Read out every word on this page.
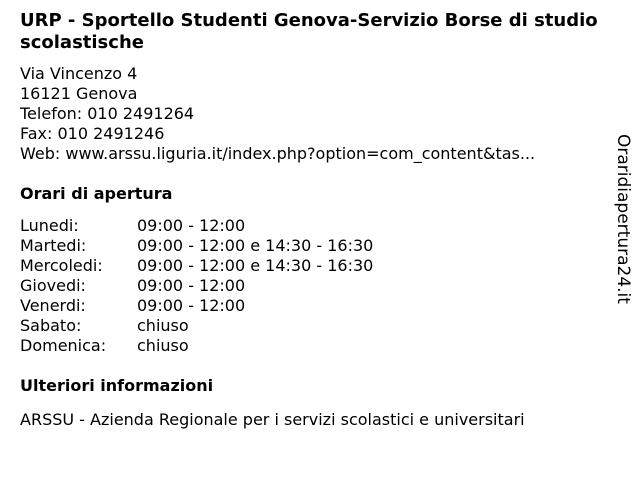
URP - Sportello Studenti Genova-Servizio Borse di studio scolastische
Via Vincenzo 4
16121 Genova
Telefon: 010 2491264
Fax: 010 2491246
Web: www.arssu.liguria.it/index.php?option=com_content&tas...
Orari di apertura
Lunedi:	09:00 - 12:00
Martedi:	09:00 - 12:00 e 14:30 - 16:30
Mercoledi:	09:00 - 12:00 e 14:30 - 16:30
Giovedi:	09:00 - 12:00
Venerdi:	09:00 - 12:00
Sabato:	chiuso
Domenica:	chiuso
Ulteriori informazioni
ARSSU - Azienda Regionale per i servizi scolastici e universitari
Oraridiapertura24.it
